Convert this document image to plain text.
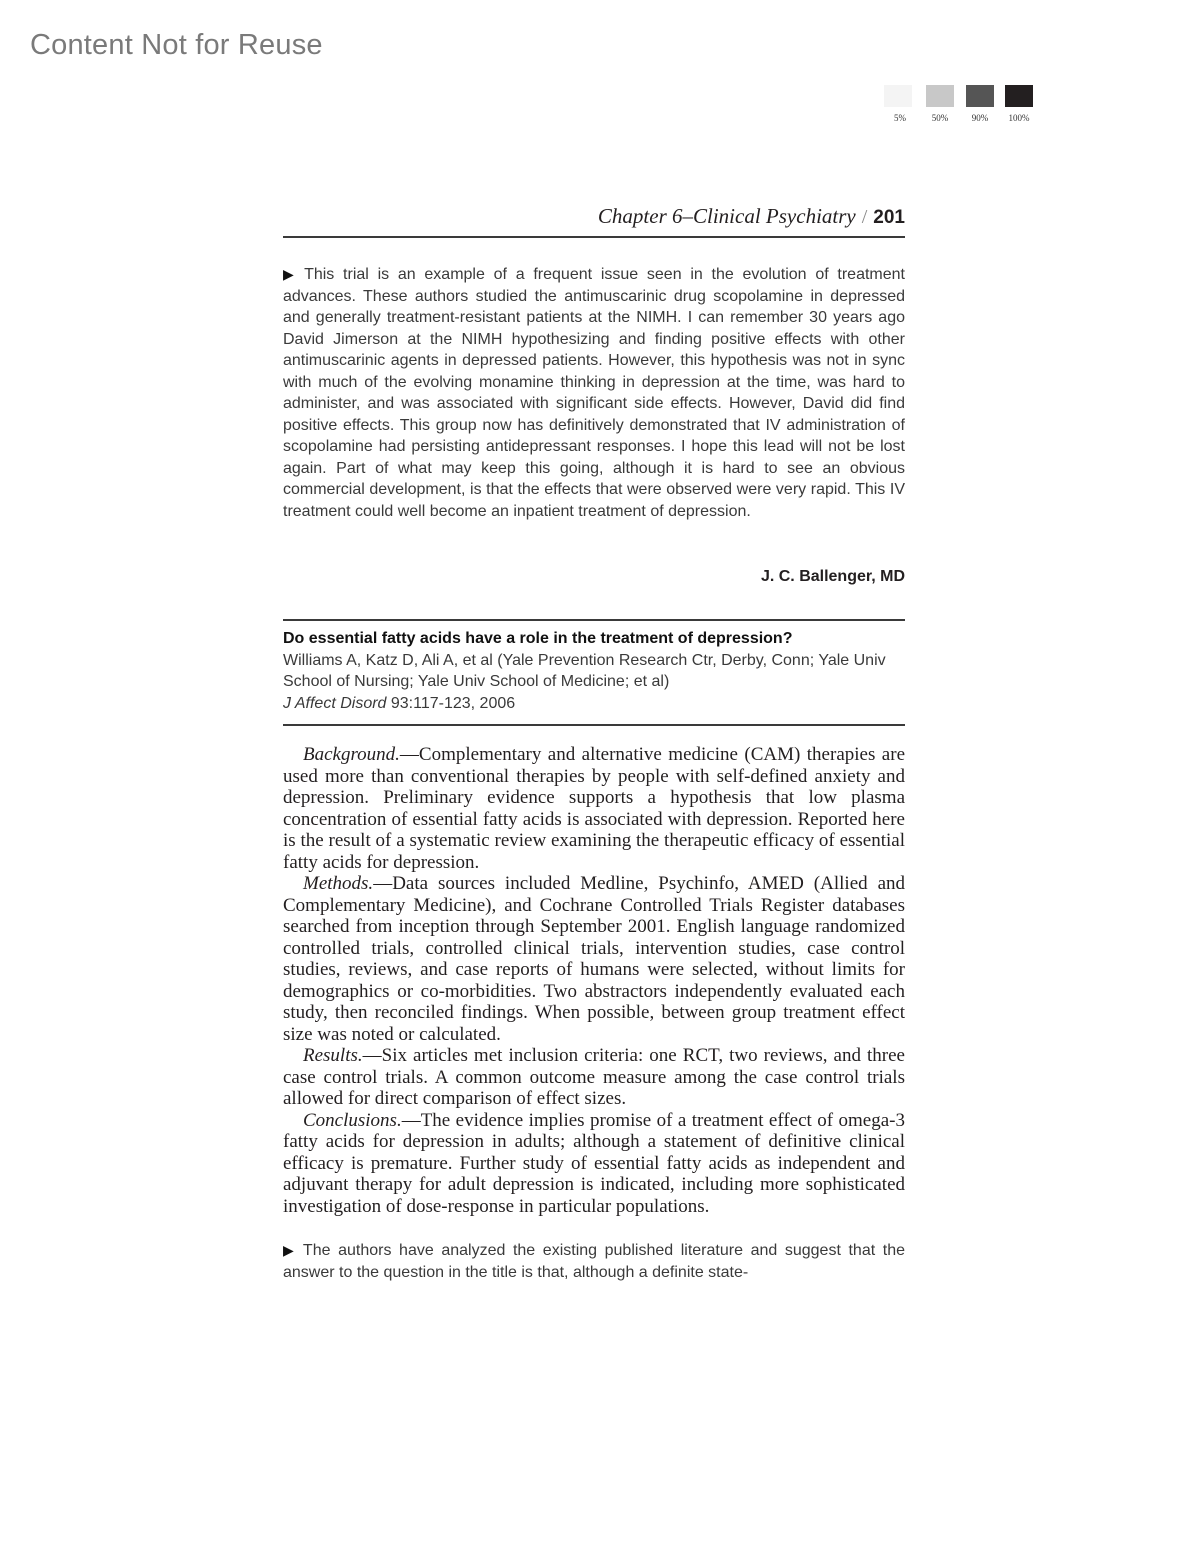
Content Not for Reuse
5%	50%	90%	100%
Chapter 6–Clinical Psychiatry / 201
▶ This trial is an example of a frequent issue seen in the evolution of treatment advances. These authors studied the antimuscarinic drug scopolamine in depressed and generally treatment-resistant patients at the NIMH. I can remember 30 years ago David Jimerson at the NIMH hypothesizing and finding positive effects with other antimuscarinic agents in depressed patients. However, this hypothesis was not in sync with much of the evolving monamine thinking in depression at the time, was hard to administer, and was associated with significant side effects. However, David did find positive effects. This group now has definitively demonstrated that IV administration of scopolamine had persisting antidepressant responses. I hope this lead will not be lost again. Part of what may keep this going, although it is hard to see an obvious commercial development, is that the effects that were observed were very rapid. This IV treatment could well become an inpatient treatment of depression.
J. C. Ballenger, MD
Do essential fatty acids have a role in the treatment of depression?
Williams A, Katz D, Ali A, et al (Yale Prevention Research Ctr, Derby, Conn; Yale Univ School of Nursing; Yale Univ School of Medicine; et al)
J Affect Disord 93:117-123, 2006

Background.—Complementary and alternative medicine (CAM) therapies are used more than conventional therapies by people with self-defined anxiety and depression. Preliminary evidence supports a hypothesis that low plasma concentration of essential fatty acids is associated with depression. Reported here is the result of a systematic review examining the therapeutic efficacy of essential fatty acids for depression.

Methods.—Data sources included Medline, Psychinfo, AMED (Allied and Complementary Medicine), and Cochrane Controlled Trials Register databases searched from inception through September 2001. English language randomized controlled trials, controlled clinical trials, intervention studies, case control studies, reviews, and case reports of humans were selected, without limits for demographics or co-morbidities. Two abstractors independently evaluated each study, then reconciled findings. When possible, between group treatment effect size was noted or calculated.

Results.—Six articles met inclusion criteria: one RCT, two reviews, and three case control trials. A common outcome measure among the case control trials allowed for direct comparison of effect sizes.

Conclusions.—The evidence implies promise of a treatment effect of omega-3 fatty acids for depression in adults; although a statement of definitive clinical efficacy is premature. Further study of essential fatty acids as independent and adjuvant therapy for adult depression is indicated, including more sophisticated investigation of dose-response in particular populations.

▶ The authors have analyzed the existing published literature and suggest that the answer to the question in the title is that, although a definite state-
